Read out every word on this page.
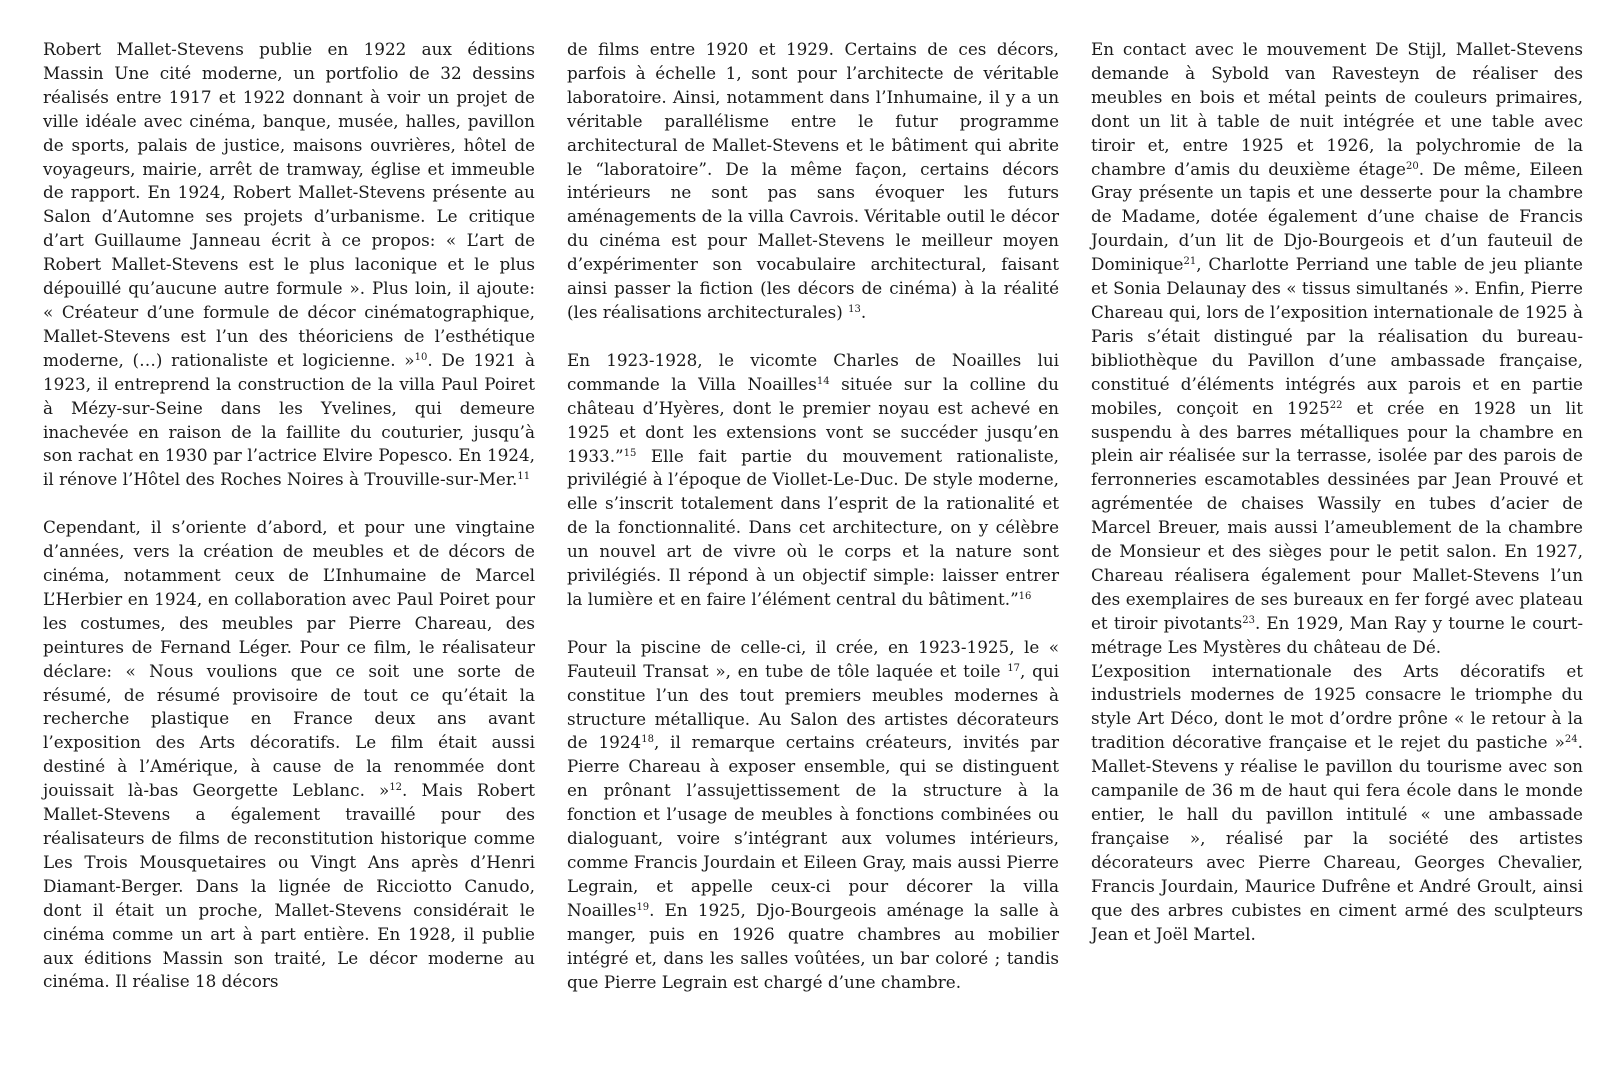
Robert Mallet-Stevens publie en 1922 aux éditions Massin Une cité moderne, un portfolio de 32 dessins réalisés entre 1917 et 1922 donnant à voir un projet de ville idéale avec cinéma, banque, musée, halles, pavillon de sports, palais de justice, maisons ouvrières, hôtel de voyageurs, mairie, arrêt de tramway, église et immeuble de rapport. En 1924, Robert Mallet-Stevens présente au Salon d’Automne ses projets d’urbanisme. Le critique d’art Guillaume Janneau écrit à ce propos: « L’art de Robert Mallet-Stevens est le plus laconique et le plus dépouillé qu’aucune autre formule ». Plus loin, il ajoute: « Créateur d’une formule de décor cinématographique, Mallet-Stevens est l’un des théoriciens de l’esthétique moderne, (…) rationaliste et logicienne. »$^{10}$. De 1921 à 1923, il entreprend la construction de la villa Paul Poiret à Mézy-sur-Seine dans les Yvelines, qui demeure inachevée en raison de la faillite du couturier, jusqu’à son rachat en 1930 par l’actrice Elvire Popesco. En 1924, il rénove l’Hôtel des Roches Noires à Trouville-sur-Mer.$^{11}$

Cependant, il s’oriente d’abord, et pour une vingtaine d’années, vers la création de meubles et de décors de cinéma, notamment ceux de L’Inhumaine de Marcel L’Herbier en 1924, en collaboration avec Paul Poiret pour les costumes, des meubles par Pierre Chareau, des peintures de Fernand Léger. Pour ce film, le réalisateur déclare: « Nous voulions que ce soit une sorte de résumé, de résumé provisoire de tout ce qu’était la recherche plastique en France deux ans avant l’exposition des Arts décoratifs. Le film était aussi destiné à l’Amérique, à cause de la renommée dont jouissait là-bas Georgette Leblanc. »$^{12}$. Mais Robert Mallet-Stevens a également travaillé pour des réalisateurs de films de reconstitution historique comme Les Trois Mousquetaires ou Vingt Ans après d’Henri Diamant-Berger. Dans la lignée de Ricciotto Canudo, dont il était un proche, Mallet-Stevens considérait le cinéma comme un art à part entière. En 1928, il publie aux éditions Massin son traité, Le décor moderne au cinéma. Il réalise 18 décors

de films entre 1920 et 1929. Certains de ces décors, parfois à échelle 1, sont pour l’architecte de véritable laboratoire. Ainsi, notamment dans l’Inhumaine, il y a un véritable parallélisme entre le futur programme architectural de Mallet-Stevens et le bâtiment qui abrite le “laboratoire”. De la même façon, certains décors intérieurs ne sont pas sans évoquer les futurs aménagements de la villa Cavrois. Véritable outil le décor du cinéma est pour Mallet-Stevens le meilleur moyen d’expérimenter son vocabulaire architectural, faisant ainsi passer la fiction (les décors de cinéma) à la réalité (les réalisations architecturales) $^{13}$.

En 1923-1928, le vicomte Charles de Noailles lui commande la Villa Noailles$^{14}$ située sur la colline du château d’Hyères, dont le premier noyau est achevé en 1925 et dont les extensions vont se succéder jusqu’en 1933.”$^{15}$ Elle fait partie du mouvement rationaliste, privilégié à l’époque de Viollet-Le-Duc. De style moderne, elle s’inscrit totalement dans l’esprit de la rationalité et de la fonctionnalité. Dans cet architecture, on y célèbre un nouvel art de vivre où le corps et la nature sont privilégiés. Il répond à un objectif simple: laisser entrer la lumière et en faire l’élément central du bâtiment.”$^{16}$

Pour la piscine de celle-ci, il crée, en 1923-1925, le « Fauteuil Transat », en tube de tôle laquée et toile $^{17}$, qui constitue l’un des tout premiers meubles modernes à structure métallique. Au Salon des artistes décorateurs de 1924$^{18}$, il remarque certains créateurs, invités par Pierre Chareau à exposer ensemble, qui se distinguent en prônant l’assujettissement de la structure à la fonction et l’usage de meubles à fonctions combinées ou dialoguant, voire s’intégrant aux volumes intérieurs, comme Francis Jourdain et Eileen Gray, mais aussi Pierre Legrain, et appelle ceux-ci pour décorer la villa Noailles$^{19}$. En 1925, Djo-Bourgeois aménage la salle à manger, puis en 1926 quatre chambres au mobilier intégré et, dans les salles voûtées, un bar coloré ; tandis que Pierre Legrain est chargé d’une chambre.

En contact avec le mouvement De Stijl, Mallet-Stevens demande à Sybold van Ravesteyn de réaliser des meubles en bois et métal peints de couleurs primaires, dont un lit à table de nuit intégrée et une table avec tiroir et, entre 1925 et 1926, la polychromie de la chambre d’amis du deuxième étage$^{20}$. De même, Eileen Gray présente un tapis et une desserte pour la chambre de Madame, dotée également d’une chaise de Francis Jourdain, d’un lit de Djo-Bourgeois et d’un fauteuil de Dominique$^{21}$, Charlotte Perriand une table de jeu pliante et Sonia Delaunay des « tissus simultanés ». Enfin, Pierre Chareau qui, lors de l’exposition internationale de 1925 à Paris s’était distingué par la réalisation du bureau-bibliothèque du Pavillon d’une ambassade française, constitué d’éléments intégrés aux parois et en partie mobiles, conçoit en 1925$^{22}$ et crée en 1928 un lit suspendu à des barres métalliques pour la chambre en plein air réalisée sur la terrasse, isolée par des parois de ferronneries escamotables dessinées par Jean Prouvé et agrémentée de chaises Wassily en tubes d’acier de Marcel Breuer, mais aussi l’ameublement de la chambre de Monsieur et des sièges pour le petit salon. En 1927, Chareau réalisera également pour Mallet-Stevens l’un des exemplaires de ses bureaux en fer forgé avec plateau et tiroir pivotants$^{23}$. En 1929, Man Ray y tourne le court-métrage Les Mystères du château de Dé.

L’exposition internationale des Arts décoratifs et industriels modernes de 1925 consacre le triomphe du style Art Déco, dont le mot d’ordre prône « le retour à la tradition décorative française et le rejet du pastiche »$^{24}$. Mallet-Stevens y réalise le pavillon du tourisme avec son campanile de 36 m de haut qui fera école dans le monde entier, le hall du pavillon intitulé « une ambassade française », réalisé par la société des artistes décorateurs avec Pierre Chareau, Georges Chevalier, Francis Jourdain, Maurice Dufrêne et André Groult, ainsi que des arbres cubistes en ciment armé des sculpteurs Jean et Joël Martel.
